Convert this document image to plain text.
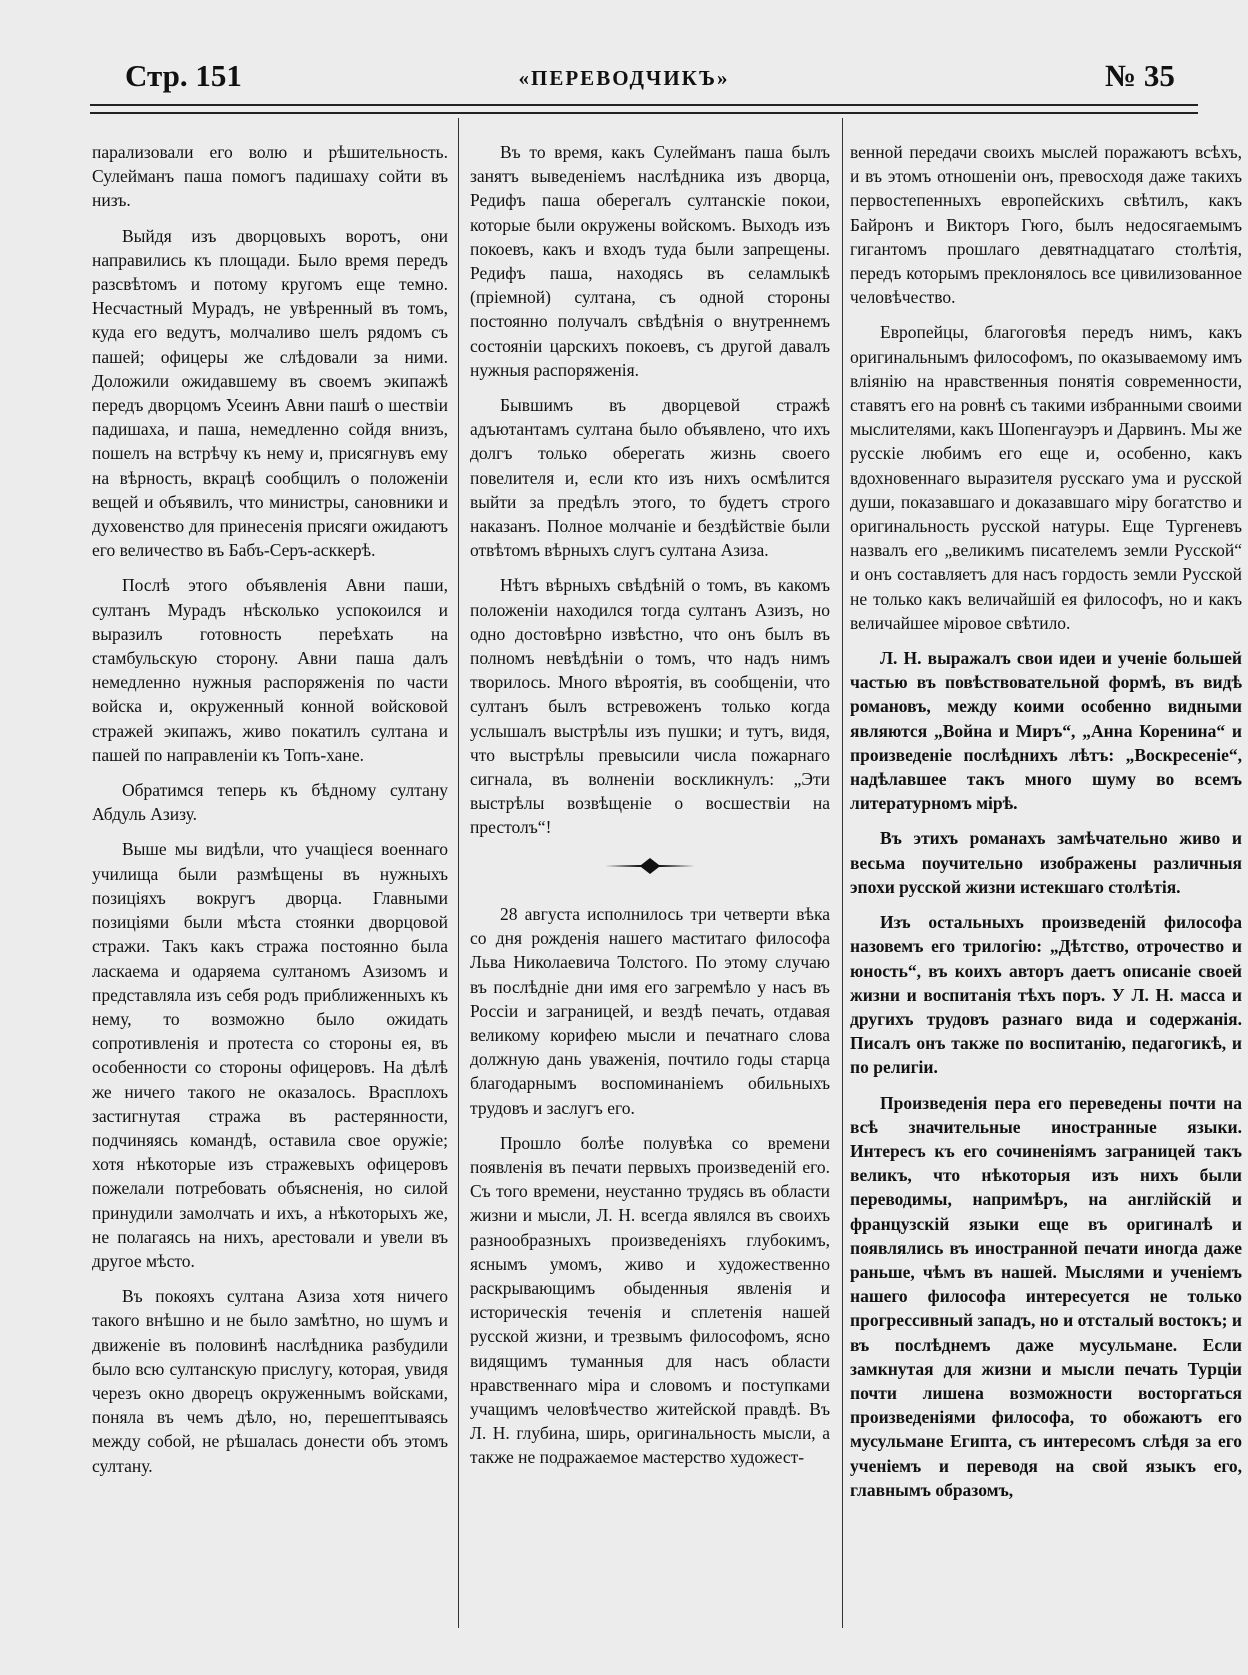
Стр. 151	«ПЕРЕВОДЧИКЪ»	№ 35

парализовали его волю и рѣшительность. Сулейманъ паша помогъ падишаху сойти въ низъ.

Выйдя изъ дворцовыхъ воротъ, они направились къ площади. Было время передъ разсвѣтомъ и потому кругомъ еще темно. Несчастный Мурадъ, не увѣренный въ томъ, куда его ведутъ, молчаливо шелъ рядомъ съ пашей; офицеры же слѣдовали за ними. Доложили ожидавшему въ своемъ экипажѣ передъ дворцомъ Усеинъ Авни пашѣ о шествіи падишаха, и паша, немедленно сойдя внизъ, пошелъ на встрѣчу къ нему и, присягнувъ ему на вѣрность, вкрацѣ сообщилъ о положеніи вещей и объявилъ, что министры, сановники и духовенство для принесенія присяги ожидаютъ его величество въ Бабъ-Серъ-асккерѣ.

Послѣ этого объявленія Авни паши, султанъ Мурадъ нѣсколько успокоился и выразилъ готовность переѣхать на стамбульскую сторону. Авни паша далъ немедленно нужныя распоряженія по части войска и, окруженный конной войсковой стражей экипажъ, живо покатилъ султана и пашей по направленіи къ Топъ-хане.

Обратимся теперь къ бѣдному султану Абдуль Азизу.

Выше мы видѣли, что учащіеся военнаго училища были размѣщены въ нужныхъ позиціяхъ вокругъ дворца. Главными позиціями были мѣста стоянки дворцовой стражи. Такъ какъ стража постоянно была ласкаема и одаряема султаномъ Азизомъ и представляла изъ себя родъ приближенныхъ къ нему, то возможно было ожидать сопротивленія и протеста со стороны ея, въ особенности со стороны офицеровъ. На дѣлѣ же ничего такого не оказалось. Врасплохъ застигнутая стража въ растерянности, подчиняясь командѣ, оставила свое оружіе; хотя нѣкоторые изъ стражевыхъ офицеровъ пожелали потребовать объясненія, но силой принудили замолчать и ихъ, а нѣкоторыхъ же, не полагаясь на нихъ, арестовали и увели въ другое мѣсто.

Въ покояхъ султана Азиза хотя ничего такого внѣшно и не было замѣтно, но шумъ и движеніе въ половинѣ наслѣдника разбудили было всю султанскую прислугу, которая, увидя черезъ окно дворецъ окруженнымъ войсками, поняла въ чемъ дѣло, но, перешептываясь между собой, не рѣшалась донести объ этомъ султану.

Въ то время, какъ Сулейманъ паша былъ занятъ выведеніемъ наслѣдника изъ дворца, Редифъ паша оберегалъ султанскіе покои, которые были окружены войскомъ. Выходъ изъ покоевъ, какъ и входъ туда были запрещены. Редифъ паша, находясь въ селамлыкѣ (пріемной) султана, съ одной стороны постоянно получалъ свѣдѣнія о внутреннемъ состояніи царскихъ покоевъ, съ другой давалъ нужныя распоряженія.

Бывшимъ въ дворцевой стражѣ адъютантамъ султана было объявлено, что ихъ долгъ только оберегать жизнь своего повелителя и, если кто изъ нихъ осмѣлится выйти за предѣлъ этого, то будетъ строго наказанъ. Полное молчаніе и бездѣйствіе были отвѣтомъ вѣрныхъ слугъ султана Азиза.

Нѣтъ вѣрныхъ свѣдѣній о томъ, въ какомъ положеніи находился тогда султанъ Азизъ, но одно достовѣрно извѣстно, что онъ былъ въ полномъ невѣдѣніи о томъ, что надъ нимъ творилось. Много вѣроятія, въ сообщеніи, что султанъ былъ встревоженъ только когда услышалъ выстрѣлы изъ пушки; и тутъ, видя, что выстрѣлы превысили числа пожарнаго сигнала, въ волненіи воскликнулъ: „Эти выстрѣлы возвѣщеніе о восшествіи на престолъ“!

28 августа исполнилось три четверти вѣка со дня рожденія нашего маститаго философа Льва Николаевича Толстого. По этому случаю въ послѣдніе дни имя его загремѣло у насъ въ Россіи и заграницей, и вездѣ печать, отдавая великому корифею мысли и печатнаго слова должную дань уваженія, почтило годы старца благодарнымъ воспоминаніемъ обильныхъ трудовъ и заслугъ его.

Прошло болѣе полувѣка со времени появленія въ печати первыхъ произведеній его. Съ того времени, неустанно трудясь въ области жизни и мысли, Л. Н. всегда являлся въ своихъ разнообразныхъ произведеніяхъ глубокимъ, яснымъ умомъ, живо и художественно раскрывающимъ обыденныя явленія и историческія теченія и сплетенія нашей русской жизни, и трезвымъ философомъ, ясно видящимъ туманныя для насъ области нравственнаго міра и словомъ и поступками учащимъ человѣчество житейской правдѣ. Въ Л. Н. глубина, ширь, оригинальность мысли, а также не подражаемое мастерство художест-

венной передачи своихъ мыслей поражаютъ всѣхъ, и въ этомъ отношеніи онъ, превосходя даже такихъ первостепенныхъ европейскихъ свѣтилъ, какъ Байронъ и Викторъ Гюго, былъ недосягаемымъ гигантомъ прошлаго девятнадцатаго столѣтія, передъ которымъ преклонялось все цивилизованное человѣчество.

Европейцы, благоговѣя передъ нимъ, какъ оригинальнымъ философомъ, по оказываемому имъ вліянію на нравственныя понятія современности, ставятъ его на ровнѣ съ такими избранными своими мыслителями, какъ Шопенгауэръ и Дарвинъ. Мы же русскіе любимъ его еще и, особенно, какъ вдохновеннаго выразителя русскаго ума и русской души, показавшаго и доказавшаго міру богатство и оригинальность русской натуры. Еще Тургеневъ назвалъ его „великимъ писателемъ земли Русской“ и онъ составляетъ для насъ гордость земли Русской не только какъ величайшій ея философъ, но и какъ величайшее міровое свѣтило.

Л. Н. выражалъ свои идеи и ученіе большей частью въ повѣствовательной формѣ, въ видѣ романовъ, между коими особенно видными являются „Война и Миръ“, „Анна Коренина“ и произведеніе послѣднихъ лѣтъ: „Воскресеніе“, надѣлавшее такъ много шуму во всемъ литературномъ мірѣ.

Въ этихъ романахъ замѣчательно живо и весьма поучительно изображены различныя эпохи русской жизни истекшаго столѣтія.

Изъ остальныхъ произведеній философа назовемъ его трилогію: „Дѣтство, отрочество и юность“, въ коихъ авторъ даетъ описаніе своей жизни и воспитанія тѣхъ поръ. У Л. Н. масса и другихъ трудовъ разнаго вида и содержанія. Писалъ онъ также по воспитанію, педагогикѣ, и по религіи.

Произведенія пера его переведены почти на всѣ значительные иностранные языки. Интересъ къ его сочиненіямъ заграницей такъ великъ, что нѣкоторыя изъ нихъ были переводимы, напримѣръ, на англійскій и французскій языки еще въ оригиналѣ и появлялись въ иностранной печати иногда даже раньше, чѣмъ въ нашей. Мыслями и ученіемъ нашего философа интересуется не только прогрессивный западъ, но и отсталый востокъ; и въ послѣднемъ даже мусульмане. Если замкнутая для жизни и мысли печать Турціи почти лишена возможности восторгаться произведеніями философа, то обожаютъ его мусульмане Египта, съ интересомъ слѣдя за его ученіемъ и переводя на свой языкъ его, главнымъ образомъ,
